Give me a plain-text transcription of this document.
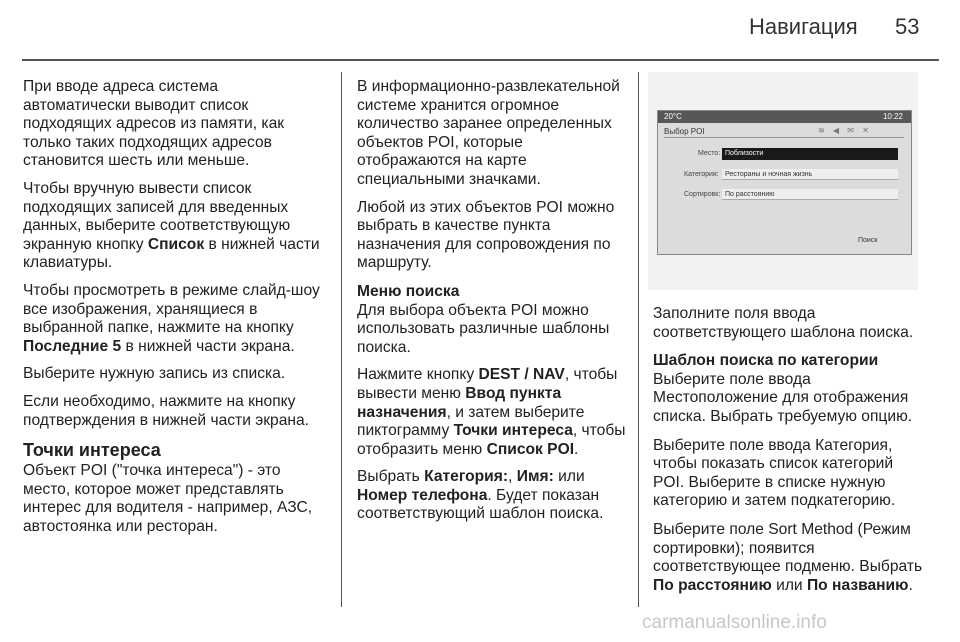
Навигация 53

При вводе адреса система автоматически выводит список подходящих адресов из памяти, как только таких подходящих адресов становится шесть или меньше.

Чтобы вручную вывести список подходящих записей для введенных данных, выберите соответствующую экранную кнопку Список в нижней части клавиатуры.

Чтобы просмотреть в режиме слайд-шоу все изображения, хранящиеся в выбранной папке, нажмите на кнопку Последние 5 в нижней части экрана.

Выберите нужную запись из списка.

Если необходимо, нажмите на кнопку подтверждения в нижней части экрана.

Точки интереса

Объект POI ("точка интереса") - это место, которое может представлять интерес для водителя - например, АЗС, автостоянка или ресторан.

В информационно-развлекательной системе хранится огромное количество заранее определенных объектов POI, которые отображаются на карте специальными значками.

Любой из этих объектов POI можно выбрать в качестве пункта назначения для сопровождения по маршруту.

Меню поиска

Для выбора объекта POI можно использовать различные шаблоны поиска.

Нажмите кнопку DEST / NAV, чтобы вывести меню Ввод пункта назначения, и затем выберите пиктограмму Точки интереса, чтобы отобразить меню Список POI.

Выбрать Категория:, Имя: или Номер телефона. Будет показан соответствующий шаблон поиска.

20°C	10:22
Выбор POI	≋ ◀ ✉ ✕
Место: Поблизости
Категория: Рестораны и ночная жизнь
Сортировк: По расстоянию
Поиск

Заполните поля ввода соответствующего шаблона поиска.

Шаблон поиска по категории

Выберите поле ввода Местоположение для отображения списка. Выбрать требуемую опцию.

Выберите поле ввода Категория, чтобы показать список категорий POI. Выберите в списке нужную категорию и затем подкатегорию.

Выберите поле Sort Method (Режим сортировки); появится соответствующее подменю. Выбрать По расстоянию или По названию.

carmanualsonline.info
